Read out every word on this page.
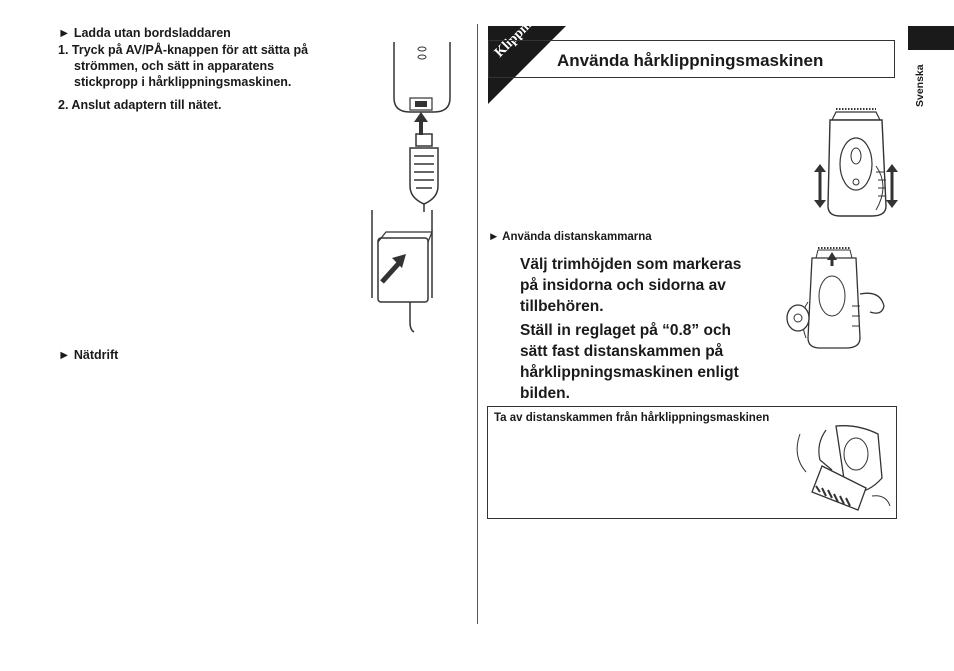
► Ladda utan bordsladdaren
1. Tryck på AV/PÅ-knappen för att sätta på
strömmen, och sätt in apparatens
stickpropp i hårklippningsmaskinen.
2. Anslut adaptern till nätet.
► Nätdrift
Klippning Använda hårklippningsmaskinen
Svenska
► Använda distanskammarna
Välj trimhöjden som markeras
på insidorna och sidorna av
tillbehören.
Ställ in reglaget på “0.8” och
sätt fast distanskammen på
hårklippningsmaskinen enligt
bilden.
Ta av distanskammen från hårklippningsmaskinen
